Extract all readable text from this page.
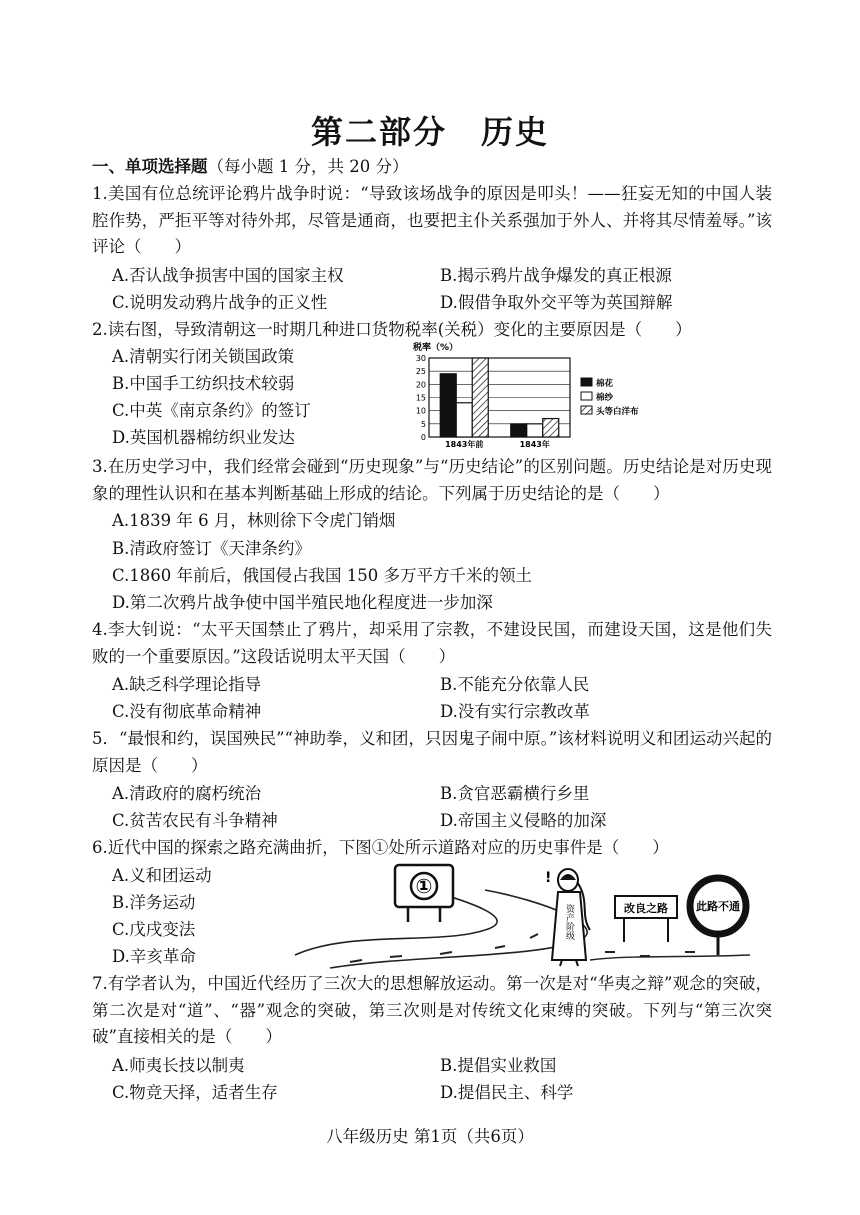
第二部分　历史
一、单项选择题（每小题 1 分，共 20 分）
1.美国有位总统评论鸦片战争时说：“导致该场战争的原因是叩头！——狂妄无知的中国人装腔作势，严拒平等对待外邦，尽管是通商，也要把主仆关系强加于外人、并将其尽情羞辱。”该评论（　　）
A.否认战争损害中国的国家主权	B.揭示鸦片战争爆发的真正根源
C.说明发动鸦片战争的正义性	D.假借争取外交平等为英国辩解
2.读右图，导致清朝这一时期几种进口货物税率(关税）变化的主要原因是（　　）
A.清朝实行闭关锁国政策
B.中国手工纺织技术较弱
C.中英《南京条约》的签订
D.英国机器棉纺织业发达
税率（%）
0
5
10
15
20
25
30
1843年前	1843年
棉花
棉纱
头等白洋布
3.在历史学习中，我们经常会碰到“历史现象”与“历史结论”的区别问题。历史结论是对历史现象的理性认识和在基本判断基础上形成的结论。下列属于历史结论的是（　　）
A.1839 年 6 月，林则徐下令虎门销烟
B.清政府签订《天津条约》
C.1860 年前后，俄国侵占我国 150 多万平方千米的领土
D.第二次鸦片战争使中国半殖民地化程度进一步加深
4.李大钊说：“太平天国禁止了鸦片，却采用了宗教，不建设民国，而建设天国，这是他们失败的一个重要原因。”这段话说明太平天国（　　）
A.缺乏科学理论指导	B.不能充分依靠人民
C.没有彻底革命精神	D.没有实行宗教改革
5．“最恨和约，误国殃民”“神助拳，义和团，只因鬼子闹中原。”该材料说明义和团运动兴起的原因是（　　）
A.清政府的腐朽统治	B.贪官恶霸横行乡里
C.贫苦农民有斗争精神	D.帝国主义侵略的加深
6.近代中国的探索之路充满曲折，下图①处所示道路对应的历史事件是（　　）
A.义和团运动
B.洋务运动
C.戊戌变法
D.辛亥革命
①	!
资产阶级	改良之路	此路不通
7.有学者认为，中国近代经历了三次大的思想解放运动。第一次是对“华夷之辩”观念的突破，第二次是对“道”、“器”观念的突破，第三次则是对传统文化束缚的突破。下列与“第三次突破”直接相关的是（　　）
A.师夷长技以制夷	B.提倡实业救国
C.物竞天择，适者生存	D.提倡民主、科学
八年级历史 第1页（共6页）
